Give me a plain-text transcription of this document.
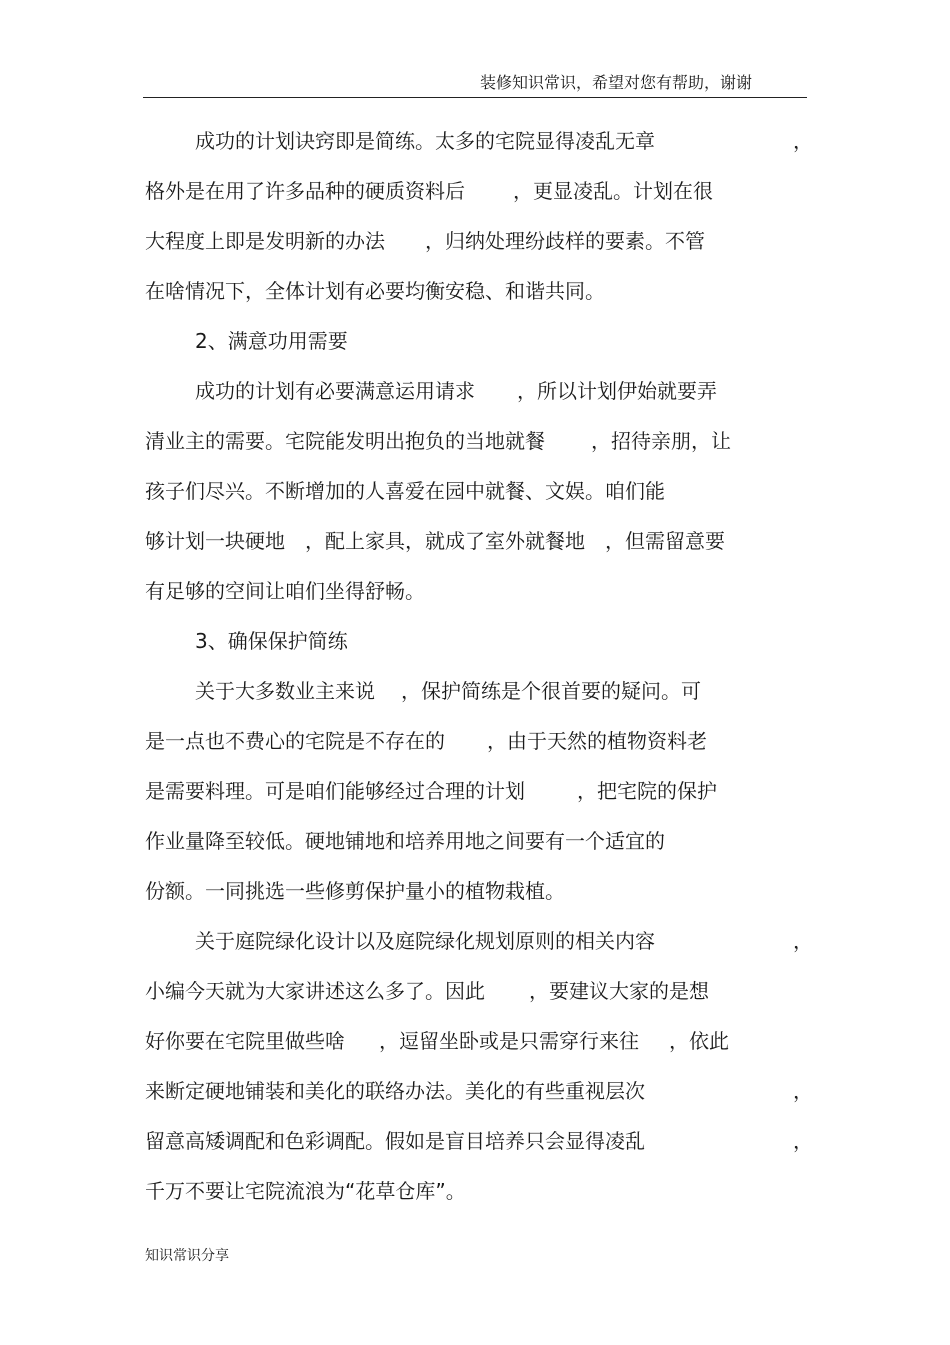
装修知识常识，希望对您有帮助，谢谢
成功的计划诀窍即是简练。太多的宅院显得凌乱无章	，
格外是在用了许多品种的硬质资料后 ，更显凌乱。计划在很
大程度上即是发明新的办法 ，归纳处理纷歧样的要素。不管
在啥情况下，全体计划有必要均衡安稳、和谐共同。
2、满意功用需要
成功的计划有必要满意运用请求 ，所以计划伊始就要弄
清业主的需要。宅院能发明出抱负的当地就餐 ，招待亲朋，让
孩子们尽兴。不断增加的人喜爱在园中就餐、文娱。咱们能
够计划一块硬地 ，配上家具，就成了室外就餐地 ，但需留意要
有足够的空间让咱们坐得舒畅。
3、确保保护简练
关于大多数业主来说 ，保护简练是个很首要的疑问。可
是一点也不费心的宅院是不存在的 ，由于天然的植物资料老
是需要料理。可是咱们能够经过合理的计划	，把宅院的保护
作业量降至较低。硬地铺地和培养用地之间要有一个适宜的
份额。一同挑选一些修剪保护量小的植物栽植。
关于庭院绿化设计以及庭院绿化规划原则的相关内容	，
小编今天就为大家讲述这么多了。因此 ，要建议大家的是想
好你要在宅院里做些啥 ，逗留坐卧或是只需穿行来往 ，依此
来断定硬地铺装和美化的联络办法。美化的有些重视层次	，
留意高矮调配和色彩调配。假如是盲目培养只会显得凌乱	，
千万不要让宅院流浪为“花草仓库”。
知识常识分享
